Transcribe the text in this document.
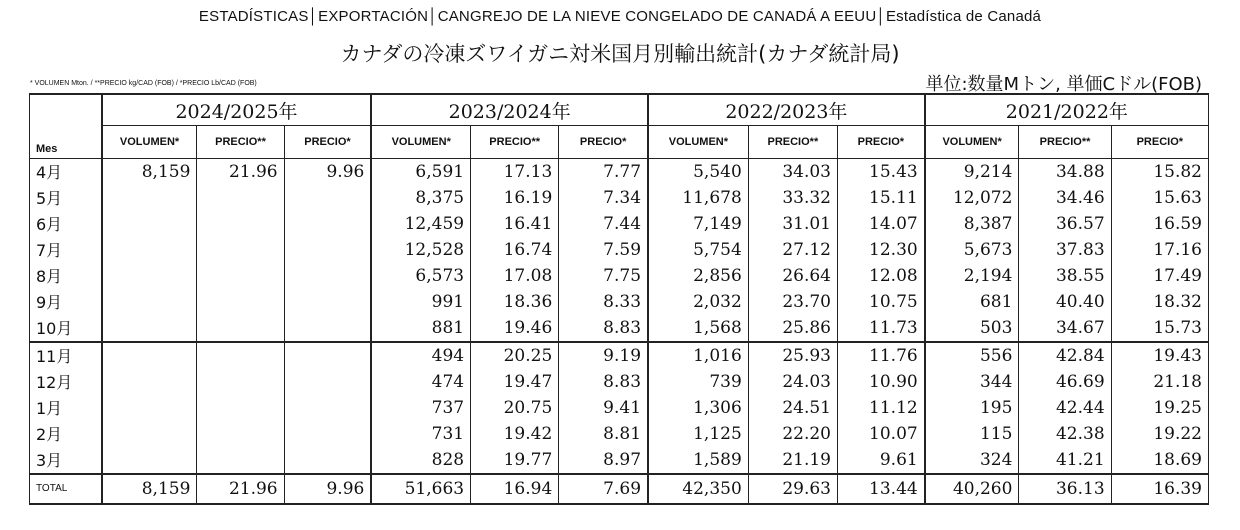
ESTADÍSTICAS│EXPORTACIÓN│CANGREJO DE LA NIEVE CONGELADO DE CANADÁ A EEUU│Estadística de Canadá
カナダの冷凍ズワイガニ対米国月別輸出統計(カナダ統計局)
* VOLUMEN Mton. / **PRECIO kg/CAD (FOB) / *PRECIO Lb/CAD (FOB)	単位:数量Mトン, 単価Cドル(FOB)
	2024/2025年			2023/2024年			2022/2023年			2021/2022年		
Mes	VOLUMEN*	PRECIO**	PRECIO*	VOLUMEN*	PRECIO**	PRECIO*	VOLUMEN*	PRECIO**	PRECIO*	VOLUMEN*	PRECIO**	PRECIO*
4月	8,159	21.96	9.96	6,591	17.13	7.77	5,540	34.03	15.43	9,214	34.88	15.82
5月				8,375	16.19	7.34	11,678	33.32	15.11	12,072	34.46	15.63
6月				12,459	16.41	7.44	7,149	31.01	14.07	8,387	36.57	16.59
7月				12,528	16.74	7.59	5,754	27.12	12.30	5,673	37.83	17.16
8月				6,573	17.08	7.75	2,856	26.64	12.08	2,194	38.55	17.49
9月				991	18.36	8.33	2,032	23.70	10.75	681	40.40	18.32
10月				881	19.46	8.83	1,568	25.86	11.73	503	34.67	15.73
11月				494	20.25	9.19	1,016	25.93	11.76	556	42.84	19.43
12月				474	19.47	8.83	739	24.03	10.90	344	46.69	21.18
1月				737	20.75	9.41	1,306	24.51	11.12	195	42.44	19.25
2月				731	19.42	8.81	1,125	22.20	10.07	115	42.38	19.22
3月				828	19.77	8.97	1,589	21.19	9.61	324	41.21	18.69
TOTAL	8,159	21.96	9.96	51,663	16.94	7.69	42,350	29.63	13.44	40,260	36.13	16.39
